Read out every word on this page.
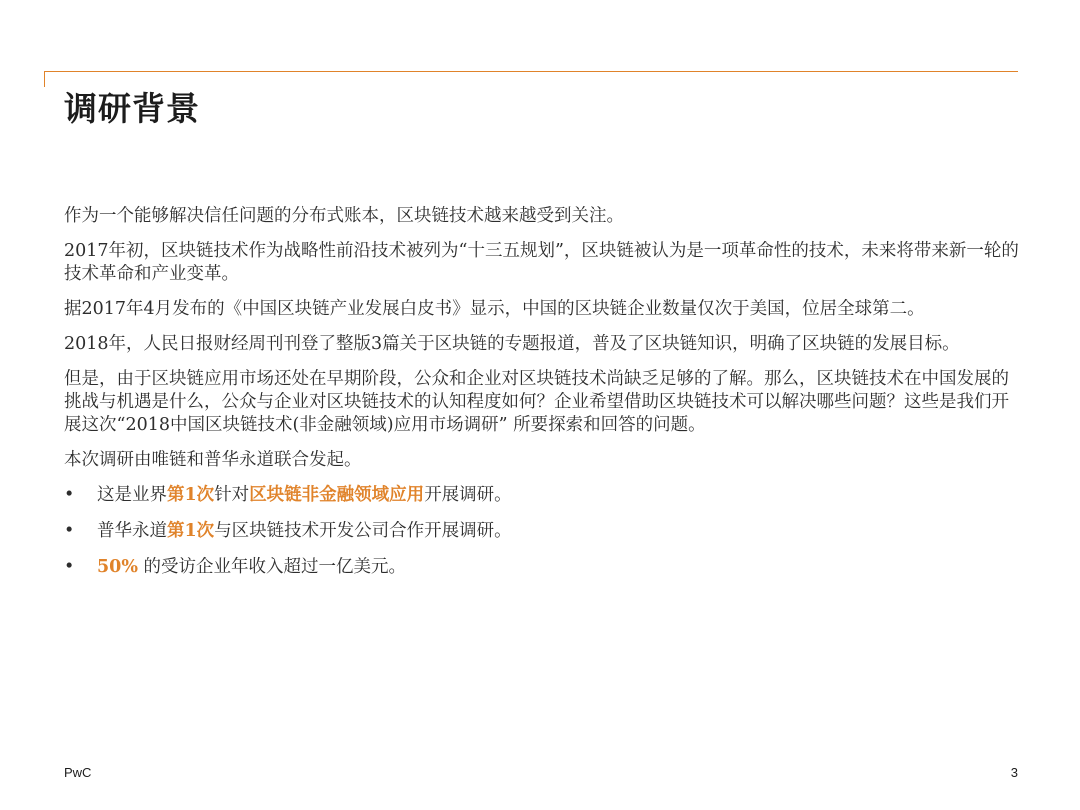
调研背景

作为一个能够解决信任问题的分布式账本，区块链技术越来越受到关注。

2017年初，区块链技术作为战略性前沿技术被列为“十三五规划”，区块链被认为是一项革命性的技术，未来将带来新一轮的技术革命和产业变革。

据2017年4月发布的《中国区块链产业发展白皮书》显示，中国的区块链企业数量仅次于美国，位居全球第二。

2018年，人民日报财经周刊刊登了整版3篇关于区块链的专题报道，普及了区块链知识，明确了区块链的发展目标。

但是，由于区块链应用市场还处在早期阶段，公众和企业对区块链技术尚缺乏足够的了解。那么，区块链技术在中国发展的挑战与机遇是什么，公众与企业对区块链技术的认知程度如何？企业希望借助区块链技术可以解决哪些问题？这些是我们开展这次“2018中国区块链技术(非金融领域)应用市场调研” 所要探索和回答的问题。

本次调研由唯链和普华永道联合发起。

•	这是业界第1次针对区块链非金融领域应用开展调研。
•	普华永道第1次与区块链技术开发公司合作开展调研。
•	50% 的受访企业年收入超过一亿美元。
PwC	3
